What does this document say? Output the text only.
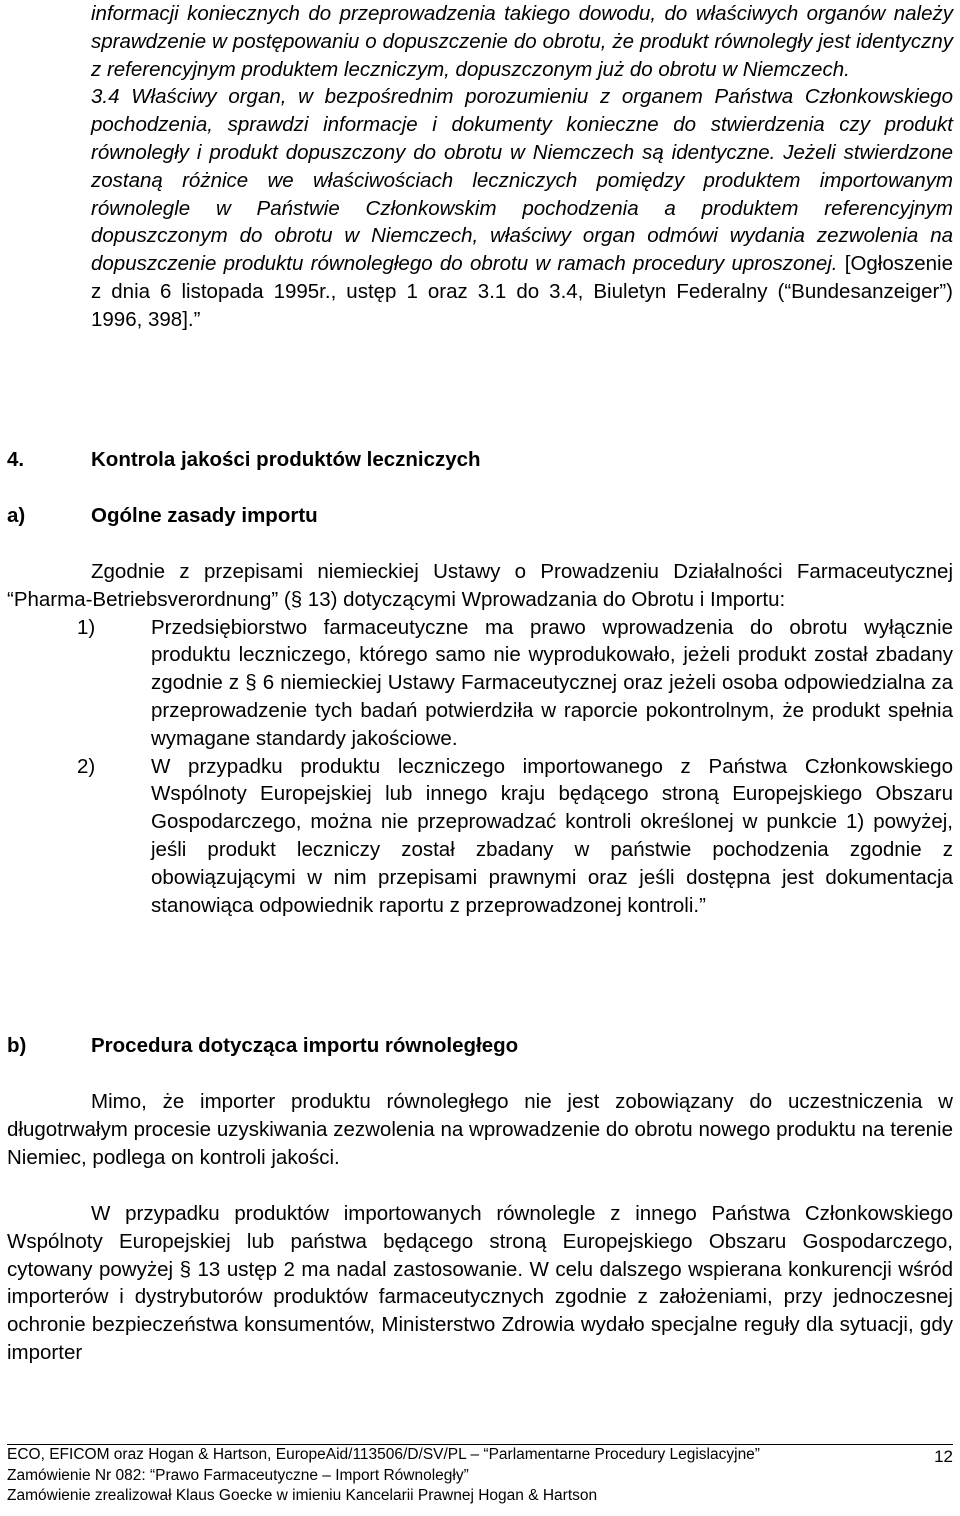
informacji koniecznych do przeprowadzenia takiego dowodu, do właściwych organów należy sprawdzenie w postępowaniu o dopuszczenie do obrotu, że produkt równoległy jest identyczny z referencyjnym produktem leczniczym, dopuszczonym już do obrotu w Niemczech.

3.4 Właściwy organ, w bezpośrednim porozumieniu z organem Państwa Członkowskiego pochodzenia, sprawdzi informacje i dokumenty konieczne do stwierdzenia czy produkt równoległy i produkt dopuszczony do obrotu w Niemczech są identyczne. Jeżeli stwierdzone zostaną różnice we właściwościach leczniczych pomiędzy produktem importowanym równolegle w Państwie Członkowskim pochodzenia a produktem referencyjnym dopuszczonym do obrotu w Niemczech, właściwy organ odmówi wydania zezwolenia na dopuszczenie produktu równoległego do obrotu w ramach procedury uproszonej. [Ogłoszenie z dnia 6 listopada 1995r., ustęp 1 oraz 3.1 do 3.4, Biuletyn Federalny (“Bundesanzeiger”) 1996, 398].”

4.	Kontrola jakości produktów leczniczych
a)	Ogólne zasady importu

Zgodnie z przepisami niemieckiej Ustawy o Prowadzeniu Działalności Farmaceutycznej “Pharma-Betriebsverordnung” (§ 13) dotyczącymi Wprowadzania do Obrotu i Importu:

1)	Przedsiębiorstwo farmaceutyczne ma prawo wprowadzenia do obrotu wyłącznie produktu leczniczego, którego samo nie wyprodukowało, jeżeli produkt został zbadany zgodnie z § 6 niemieckiej Ustawy Farmaceutycznej oraz jeżeli osoba odpowiedzialna za przeprowadzenie tych badań potwierdziła w raporcie pokontrolnym, że produkt spełnia wymagane standardy jakościowe.

2)	W przypadku produktu leczniczego importowanego z Państwa Członkowskiego Wspólnoty Europejskiej lub innego kraju będącego stroną Europejskiego Obszaru Gospodarczego, można nie przeprowadzać kontroli określonej w punkcie 1) powyżej, jeśli produkt leczniczy został zbadany w państwie pochodzenia zgodnie z obowiązującymi w nim przepisami prawnymi oraz jeśli dostępna jest dokumentacja stanowiąca odpowiednik raportu z przeprowadzonej kontroli.”

b)	Procedura dotycząca importu równoległego

Mimo, że importer produktu równoległego nie jest zobowiązany do uczestniczenia w długotrwałym procesie uzyskiwania zezwolenia na wprowadzenie do obrotu nowego produktu na terenie Niemiec, podlega on kontroli jakości.

W przypadku produktów importowanych równolegle z innego Państwa Członkowskiego Wspólnoty Europejskiej lub państwa będącego stroną Europejskiego Obszaru Gospodarczego, cytowany powyżej § 13 ustęp 2 ma nadal zastosowanie. W celu dalszego wspierana konkurencji wśród importerów i dystrybutorów produktów farmaceutycznych zgodnie z założeniami, przy jednoczesnej ochronie bezpieczeństwa konsumentów, Ministerstwo Zdrowia wydało specjalne reguły dla sytuacji, gdy importer

ECO, EFICOM oraz Hogan & Hartson, EuropeAid/113506/D/SV/PL – “Parlamentarne Procedury Legislacyjne”
Zamówienie Nr 082: “Prawo Farmaceutyczne – Import Równoległy”
Zamówienie zrealizował Klaus Goecke w imieniu Kancelarii Prawnej Hogan & Hartson
12
